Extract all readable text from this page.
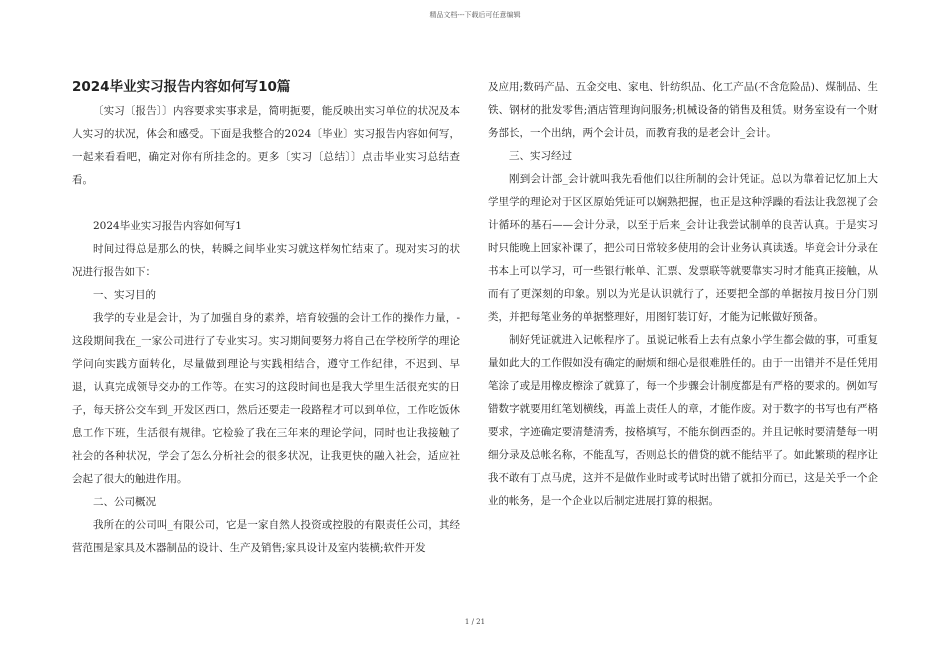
精品文档---下载后可任意编辑
2024毕业实习报告内容如何写10篇

〔实习〔报告〕〕内容要求实事求是，简明扼要，能反映出实习单位的状况及本人实习的状况，体会和感受。下面是我整合的2024〔毕业〕实习报告内容如何写，一起来看看吧，确定对你有所挂念的。更多〔实习〔总结〕〕点击毕业实习总结查看。

2024毕业实习报告内容如何写1

时间过得总是那么的快，转瞬之间毕业实习就这样匆忙结束了。现对实习的状况进行报告如下：

一、实习目的

我学的专业是会计，为了加强自身的素养，培育较强的会计工作的操作力量，-这段期间我在_一家公司进行了专业实习。实习期间要努力将自己在学校所学的理论学问向实践方面转化，尽量做到理论与实践相结合，遵守工作纪律，不迟到、早退，认真完成领导交办的工作等。在实习的这段时间也是我大学里生活很充实的日子，每天挤公交车到_开发区西口，然后还要走一段路程才可以到单位，工作吃饭休息工作下班，生活很有规律。它检验了我在三年来的理论学问，同时也让我接触了社会的各种状况，学会了怎么分析社会的很多状况，让我更快的融入社会，适应社会起了很大的触进作用。

二、公司概况

我所在的公司叫_有限公司，它是一家自然人投资或控股的有限责任公司，其经营范围是家具及木器制品的设计、生产及销售;家具设计及室内装横;软件开发

及应用;数码产品、五金交电、家电、针纺织品、化工产品(不含危险品)、煤制品、生铁、钢材的批发零售;酒店管理询问服务;机械设备的销售及租赁。财务室设有一个财务部长，一个出纳，两个会计员，而教育我的是老会计_会计。

三、实习经过

刚到会计部_会计就叫我先看他们以往所制的会计凭证。总以为靠着记忆加上大学里学的理论对于区区原始凭证可以娴熟把握，也正是这种浮躁的看法让我忽视了会计循环的基石——会计分录，以至于后来_会计让我尝试制单的良苦认真。于是实习时只能晚上回家补课了，把公司日常较多使用的会计业务认真读透。毕竟会计分录在书本上可以学习，可一些银行帐单、汇票、发票联等就要靠实习时才能真正接触，从而有了更深刻的印象。别以为光是认识就行了，还要把全部的单据按月按日分门别类，并把每笔业务的单据整理好，用图钉装订好，才能为记帐做好预备。

制好凭证就进入记帐程序了。虽说记帐看上去有点象小学生都会做的事，可重复量如此大的工作假如没有确定的耐烦和细心是很难胜任的。由于一出错并不是任凭用笔涂了或是用橡皮檫涂了就算了，每一个步骤会计制度都是有严格的要求的。例如写错数字就要用红笔划横线，再盖上责任人的章，才能作废。对于数字的书写也有严格要求，字迹确定要清楚清秀，按格填写，不能东倒西歪的。并且记帐时要清楚每一明细分录及总帐名称，不能乱写，否则总长的借贷的就不能结平了。如此繁琐的程序让我不敢有丁点马虎，这并不是做作业时或考试时出错了就扣分而已，这是关乎一个企业的帐务，是一个企业以后制定进展打算的根据。

1 / 21
